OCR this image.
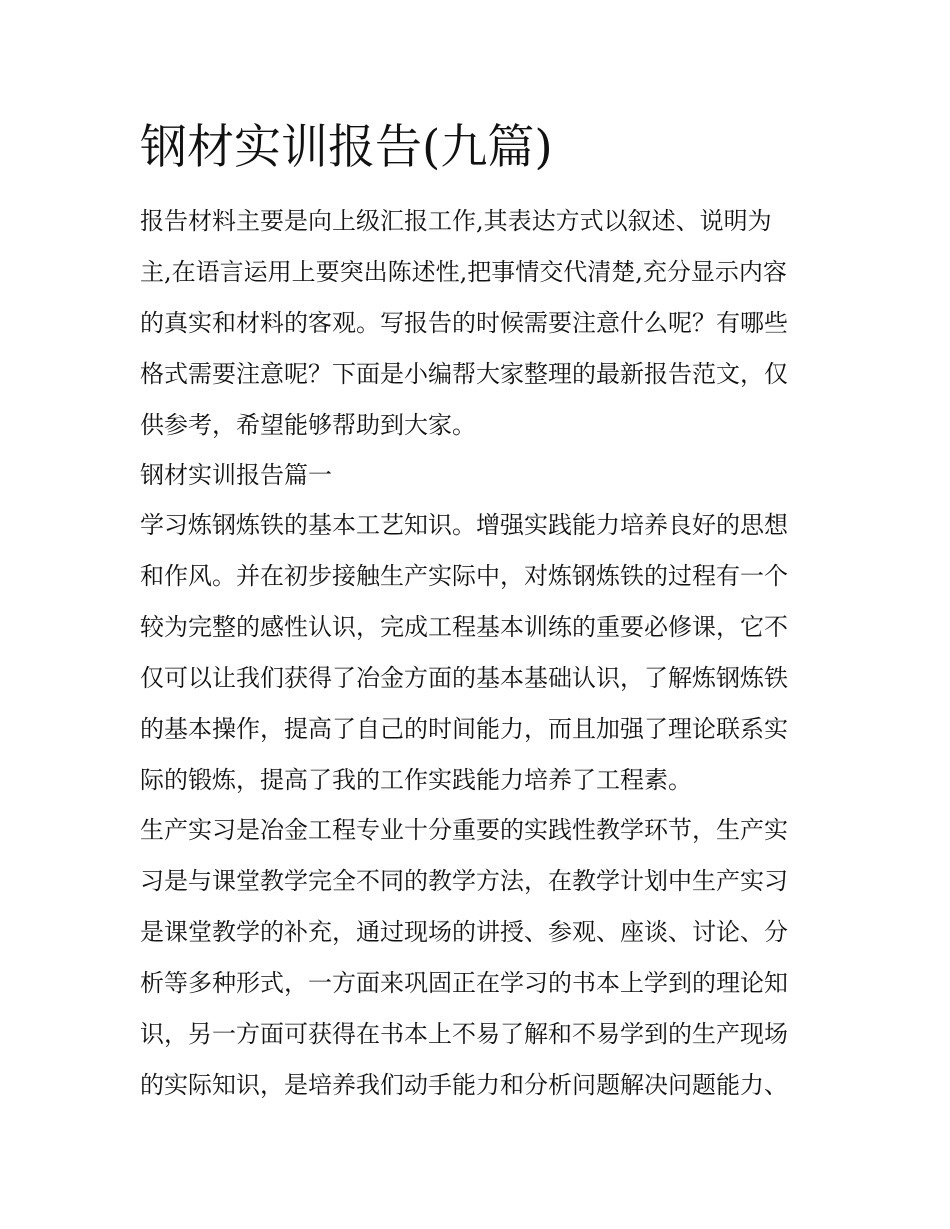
钢材实训报告(九篇)

报告材料主要是向上级汇报工作,其表达方式以叙述、说明为

主,在语言运用上要突出陈述性,把事情交代清楚,充分显示内容

的真实和材料的客观。写报告的时候需要注意什么呢？有哪些

格式需要注意呢？下面是小编帮大家整理的最新报告范文，仅

供参考，希望能够帮助到大家。

钢材实训报告篇一

学习炼钢炼铁的基本工艺知识。增强实践能力培养良好的思想

和作风。并在初步接触生产实际中，对炼钢炼铁的过程有一个

较为完整的感性认识，完成工程基本训练的重要必修课，它不

仅可以让我们获得了冶金方面的基本基础认识，了解炼钢炼铁

的基本操作，提高了自己的时间能力，而且加强了理论联系实

际的锻炼，提高了我的工作实践能力培养了工程素。

生产实习是冶金工程专业十分重要的实践性教学环节，生产实

习是与课堂教学完全不同的教学方法，在教学计划中生产实习

是课堂教学的补充，通过现场的讲授、参观、座谈、讨论、分

析等多种形式，一方面来巩固正在学习的书本上学到的理论知

识，另一方面可获得在书本上不易了解和不易学到的生产现场

的实际知识，是培养我们动手能力和分析问题解决问题能力、
